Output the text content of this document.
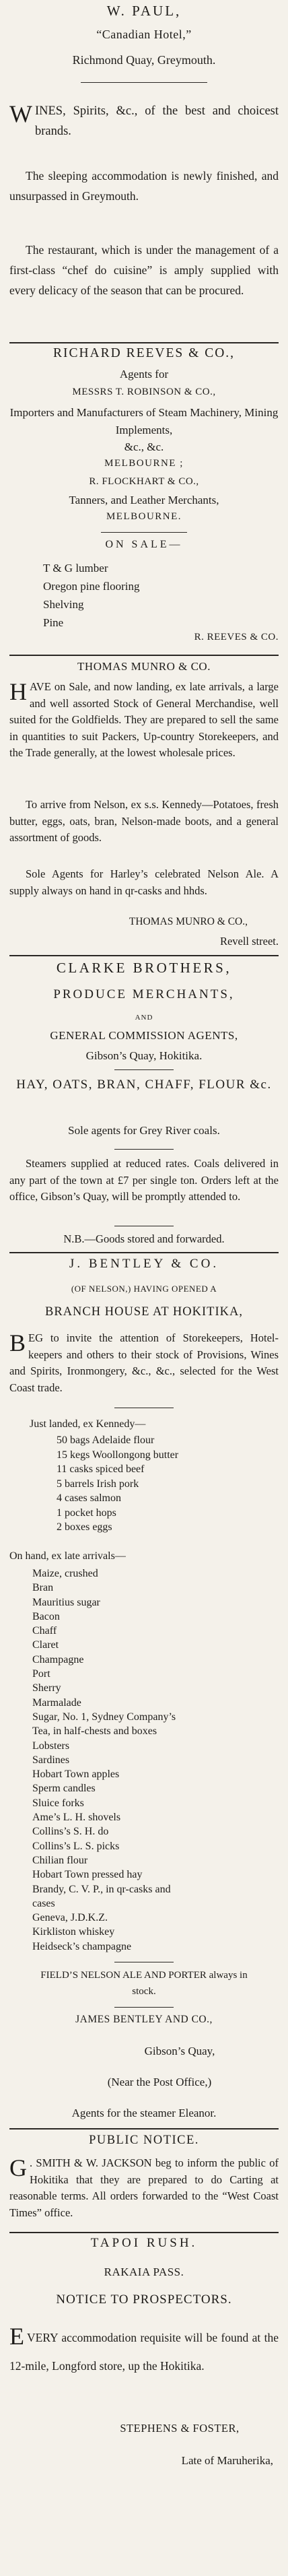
W. PAUL,
“Canadian Hotel,”
Richmond Quay, Greymouth.
WINES, Spirits, &c., of the best and choicest brands.
The sleeping accommodation is newly finished, and unsurpassed in Greymouth.
The restaurant, which is under the management of a first-class “chef do cuisine” is amply supplied with every delicacy of the season that can be procured.
RICHARD REEVES & CO.,
Agents for
MESSRS T. ROBINSON & CO.,
Importers and Manufacturers of Steam Machinery, Mining Implements,
&c., &c.
MELBOURNE ;
R. FLOCKHART & CO.,
Tanners, and Leather Merchants,
MELBOURNE.
ON SALE—
T & G lumber
Oregon pine flooring
Shelving
Pine
R. REEVES & CO.
THOMAS MUNRO & CO.
HAVE on Sale, and now landing, ex late arrivals, a large and well assorted Stock of General Merchandise, well suited for the Goldfields. They are prepared to sell the same in quantities to suit Packers, Up-country Storekeepers, and the Trade generally, at the lowest wholesale prices.
To arrive from Nelson, ex s.s. Kennedy—Potatoes, fresh butter, eggs, oats, bran, Nelson-made boots, and a general assortment of goods.
Sole Agents for Harley’s celebrated Nelson Ale. A supply always on hand in qr-casks and hhds.
THOMAS MUNRO & CO.,
Revell street.
CLARKE BROTHERS,
PRODUCE MERCHANTS,
AND
GENERAL COMMISSION AGENTS,
Gibson’s Quay, Hokitika.
HAY, OATS, BRAN, CHAFF, FLOUR &c.
Sole agents for Grey River coals.
Steamers supplied at reduced rates. Coals delivered in any part of the town at £7 per single ton. Orders left at the office, Gibson’s Quay, will be promptly attended to.
N.B.—Goods stored and forwarded.
J. BENTLEY & CO.
(OF NELSON,) HAVING OPENED A
BRANCH HOUSE AT HOKITIKA,
BEG to invite the attention of Storekeepers, Hotel-keepers and others to their stock of Provisions, Wines and Spirits, Ironmongery, &c., &c., selected for the West Coast trade.
Just landed, ex Kennedy—
50 bags Adelaide flour
15 kegs Woollongong butter
11 casks spiced beef
5 barrels Irish pork
4 cases salmon
1 pocket hops
2 boxes eggs
On hand, ex late arrivals—
Maize, crushed
Bran
Mauritius sugar
Bacon
Chaff
Claret
Champagne
Port
Sherry
Marmalade
Sugar, No. 1, Sydney Company’s
Tea, in half-chests and boxes
Lobsters
Sardines
Hobart Town apples
Sperm candles
Sluice forks
Ame’s L. H. shovels
Collins’s S. H. do
Collins’s L. S. picks
Chilian flour
Hobart Town pressed hay
Brandy, C. V. P., in qr-casks and
cases
Geneva, J.D.K.Z.
Kirkliston whiskey
Heidseck’s champagne
FIELD’S NELSON ALE AND PORTER always in stock.
JAMES BENTLEY AND CO.,
Gibson’s Quay,
(Near the Post Office,)
Agents for the steamer Eleanor.
PUBLIC NOTICE.
G . SMITH & W. JACKSON beg to inform the public of Hokitika that they are prepared to do Carting at reasonable terms. All orders forwarded to the “West Coast Times” office.
TAPOI RUSH.
RAKAIA PASS.
NOTICE TO PROSPECTORS.
EVERY accommodation requisite will be found at the 12-mile, Longford store, up the Hokitika.
STEPHENS & FOSTER,
Late of Maruherika,
